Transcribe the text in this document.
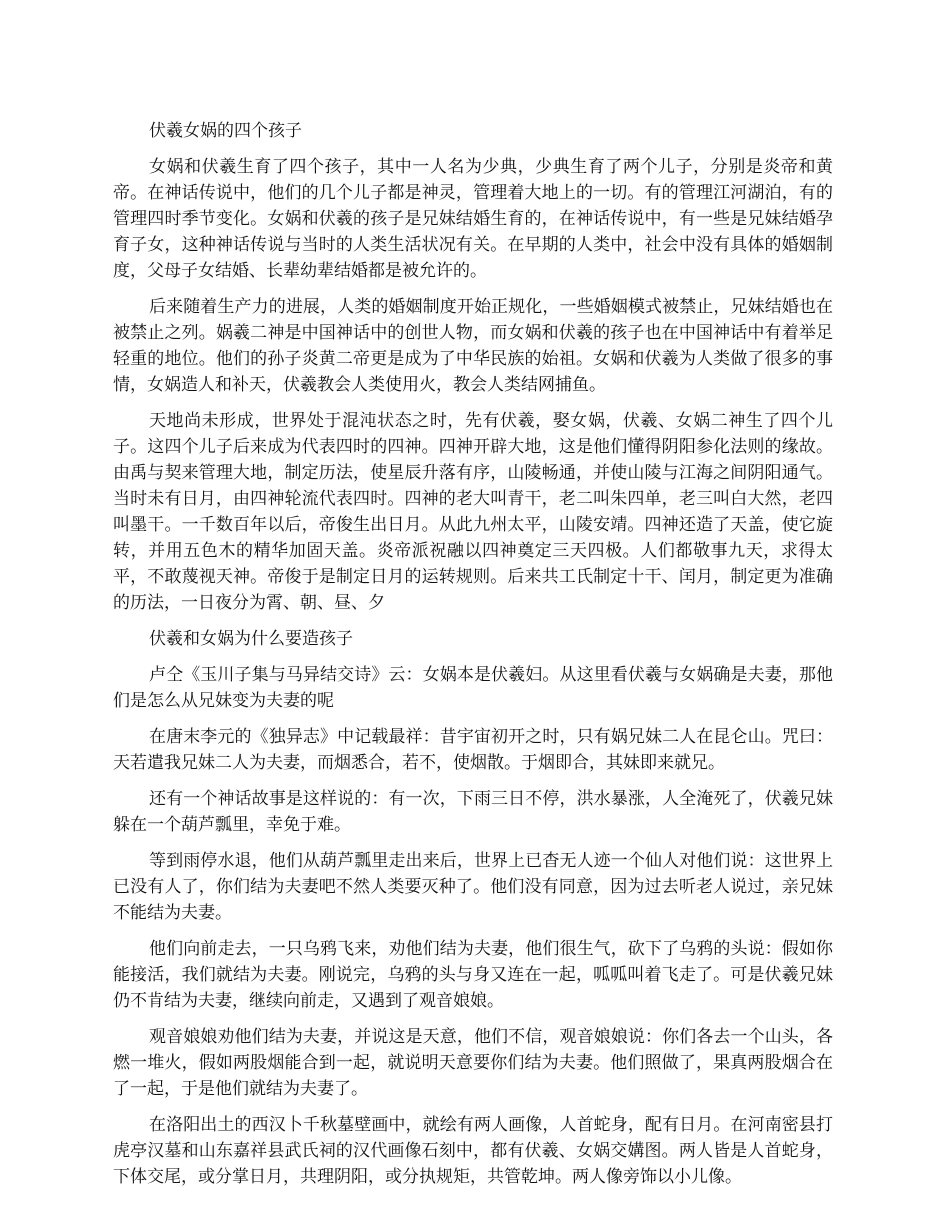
伏羲女娲的四个孩子

女娲和伏羲生育了四个孩子，其中一人名为少典，少典生育了两个儿子，分别是炎帝和黄帝。在神话传说中，他们的几个儿子都是神灵，管理着大地上的一切。有的管理江河湖泊，有的管理四时季节变化。女娲和伏羲的孩子是兄妹结婚生育的，在神话传说中，有一些是兄妹结婚孕育子女，这种神话传说与当时的人类生活状况有关。在早期的人类中，社会中没有具体的婚姻制度，父母子女结婚、长辈幼辈结婚都是被允许的。

后来随着生产力的进展，人类的婚姻制度开始正规化，一些婚姻模式被禁止，兄妹结婚也在被禁止之列。娲羲二神是中国神话中的创世人物，而女娲和伏羲的孩子也在中国神话中有着举足轻重的地位。他们的孙子炎黄二帝更是成为了中华民族的始祖。女娲和伏羲为人类做了很多的事情，女娲造人和补天，伏羲教会人类使用火，教会人类结网捕鱼。

天地尚未形成，世界处于混沌状态之时，先有伏羲，娶女娲，伏羲、女娲二神生了四个儿子。这四个儿子后来成为代表四时的四神。四神开辟大地，这是他们懂得阴阳参化法则的缘故。由禹与契来管理大地，制定历法，使星辰升落有序，山陵畅通，并使山陵与江海之间阴阳通气。当时未有日月，由四神轮流代表四时。四神的老大叫青干，老二叫朱四单，老三叫白大然，老四叫墨干。一千数百年以后，帝俊生出日月。从此九州太平，山陵安靖。四神还造了天盖，使它旋转，并用五色木的精华加固天盖。炎帝派祝融以四神奠定三天四极。人们都敬事九天，求得太平，不敢蔑视天神。帝俊于是制定日月的运转规则。后来共工氏制定十干、闰月，制定更为准确的历法，一日夜分为霄、朝、昼、夕

伏羲和女娲为什么要造孩子

卢仝《玉川子集与马异结交诗》云：女娲本是伏羲妇。从这里看伏羲与女娲确是夫妻，那他们是怎么从兄妹变为夫妻的呢

在唐末李元的《独异志》中记载最祥：昔宇宙初开之时，只有娲兄妹二人在昆仑山。咒曰：天若遣我兄妹二人为夫妻，而烟悉合，若不，使烟散。于烟即合，其妹即来就兄。

还有一个神话故事是这样说的：有一次，下雨三日不停，洪水暴涨，人全淹死了，伏羲兄妹躲在一个葫芦瓢里，幸免于难。

等到雨停水退，他们从葫芦瓢里走出来后，世界上已杳无人迹一个仙人对他们说：这世界上已没有人了，你们结为夫妻吧不然人类要灭种了。他们没有同意，因为过去听老人说过，亲兄妹不能结为夫妻。

他们向前走去，一只乌鸦飞来，劝他们结为夫妻，他们很生气，砍下了乌鸦的头说：假如你能接活，我们就结为夫妻。刚说完，乌鸦的头与身又连在一起，呱呱叫着飞走了。可是伏羲兄妹仍不肯结为夫妻，继续向前走，又遇到了观音娘娘。

观音娘娘劝他们结为夫妻，并说这是天意，他们不信，观音娘娘说：你们各去一个山头，各燃一堆火，假如两股烟能合到一起，就说明天意要你们结为夫妻。他们照做了，果真两股烟合在了一起，于是他们就结为夫妻了。

在洛阳出土的西汉卜千秋墓壁画中，就绘有两人画像，人首蛇身，配有日月。在河南密县打虎亭汉墓和山东嘉祥县武氏祠的汉代画像石刻中，都有伏羲、女娲交媾图。两人皆是人首蛇身，下体交尾，或分掌日月，共理阴阳，或分执规矩，共管乾坤。两人像旁饰以小儿像。
